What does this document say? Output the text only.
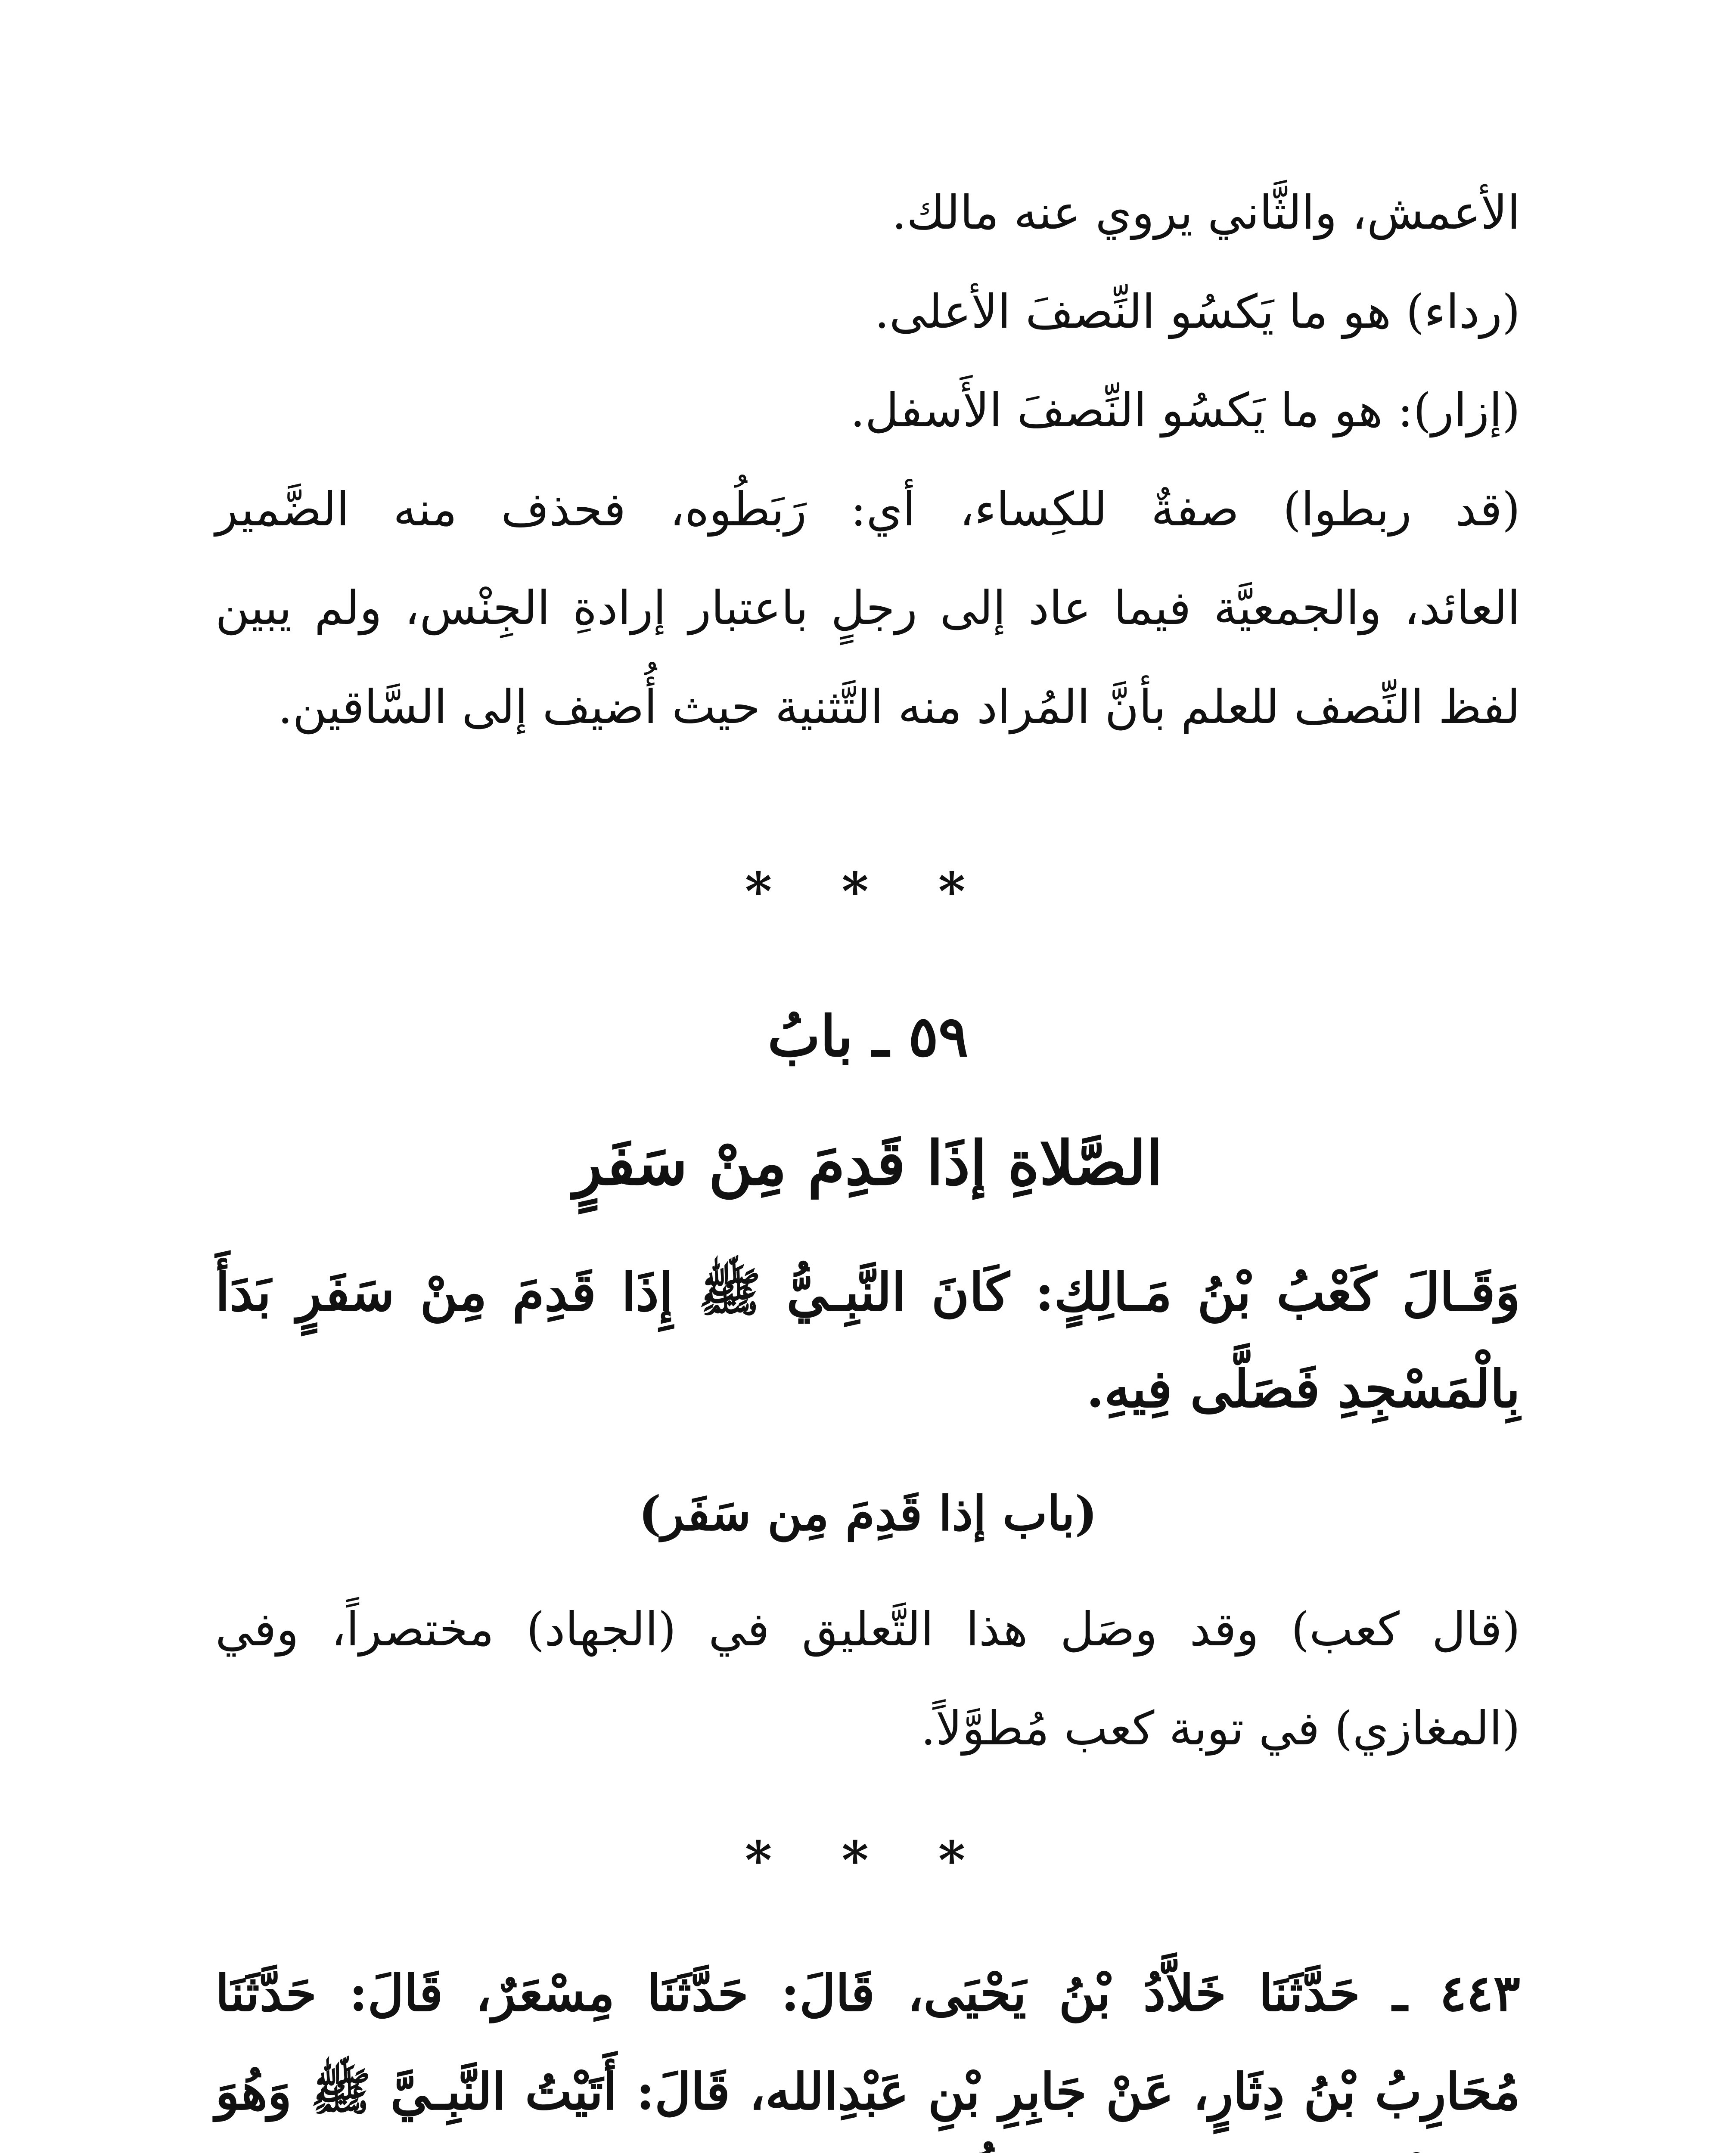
الأعمش، والثَّاني يروي عنه مالك.
(رداء) هو ما يَكسُو النِّصفَ الأعلى.
(إزار): هو ما يَكسُو النِّصفَ الأَسفل.
(قد ربطوا) صفةٌ للكِساء، أي: رَبَطُوه، فحذف منه الضَّمير
العائد، والجمعيَّة فيما عاد إلى رجلٍ باعتبار إرادةِ الجِنْس، ولم يبين
لفظ النِّصف للعلم بأنَّ المُراد منه التَّثنية حيث أُضيف إلى السَّاقين.
* * *
٥٩ ـ بابُ
الصَّلاةِ إذَا قَدِمَ مِنْ سَفَرٍ
وَقَـالَ كَعْبُ بْنُ مَـالِكٍ: كَانَ النَّبِـيُّ ﷺ إِذَا قَدِمَ مِنْ سَفَرٍ بَدَأَ
بِالْمَسْجِدِ فَصَلَّى فِيهِ.
(باب إذا قَدِمَ مِن سَفَر)
(قال كعب) وقد وصَل هذا التَّعليق في (الجهاد) مختصراً، وفي
(المغازي) في توبة كعب مُطوَّلاً.
* * *
٤٤٣ ـ حَدَّثَنَا خَلاَّدُ بْنُ يَحْيَى، قَالَ: حَدَّثَنَا مِسْعَرٌ، قَالَ: حَدَّثَنَا
مُحَارِبُ بْنُ دِثَارٍ، عَنْ جَابِرِ بْنِ عَبْدِالله، قَالَ: أَتَيْتُ النَّبِـيَّ ﷺ وَهُوَ
